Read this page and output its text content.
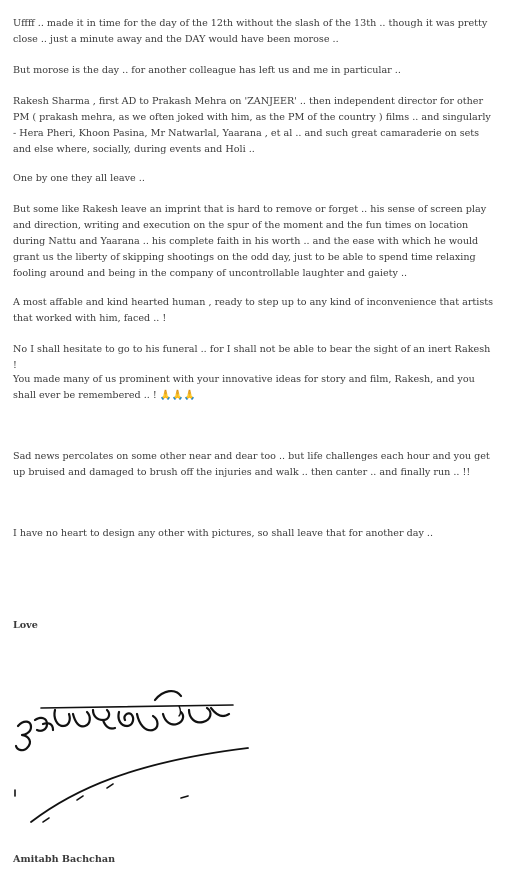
Uffff .. made it in time for the day of the 12th without the slash of the 13th .. though it was pretty close .. just a minute away and the DAY would have been morose ..

But morose is the day .. for another colleague has left us and me in particular ..

Rakesh Sharma , first AD to Prakash Mehra on 'ZANJEER' .. then independent director for other PM ( prakash mehra, as we often joked with him, as the PM of the country ) films .. and singularly - Hera Pheri, Khoon Pasina, Mr Natwarlal, Yaarana , et al .. and such great camaraderie on sets and else where, socially, during events and Holi ..

One by one they all leave ..

But some like Rakesh leave an imprint that is hard to remove or forget .. his sense of screen play and direction, writing and execution on the spur of the moment and the fun times on location during Nattu and Yaarana .. his complete faith in his worth .. and the ease with which he would grant us the liberty of skipping shootings on the odd day, just to be able to spend time relaxing fooling around and being in the company of uncontrollable laughter and gaiety ..

A most affable and kind hearted human , ready to step up to any kind of inconvenience that artists that worked with him, faced .. !

No I shall hesitate to go to his funeral .. for I shall not be able to bear the sight of an inert Rakesh !

You made many of us prominent with your innovative ideas for story and film, Rakesh, and you shall ever be remembered .. ! 🙏🙏🙏

Sad news percolates on some other near and dear too .. but life challenges each hour and you get up bruised and damaged to brush off the injuries and walk .. then canter .. and finally run .. !!

I have no heart to design any other with pictures, so shall leave that for another day ..

Love
Amitabh Bachchan
